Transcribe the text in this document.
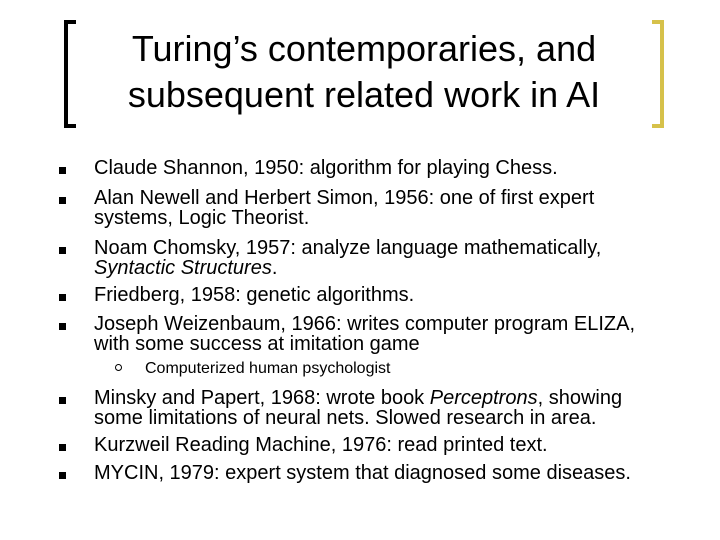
Turing’s contemporaries, and
subsequent related work in AI
Claude Shannon, 1950: algorithm for playing Chess.
Alan Newell and Herbert Simon, 1956: one of first expert
systems, Logic Theorist.
Noam Chomsky, 1957: analyze language mathematically,
Syntactic Structures.
Friedberg, 1958: genetic algorithms.
Joseph Weizenbaum, 1966: writes computer program ELIZA,
with some success at imitation game
Computerized human psychologist
Minsky and Papert, 1968: wrote book Perceptrons, showing
some limitations of neural nets. Slowed research in area.
Kurzweil Reading Machine, 1976: read printed text.
MYCIN, 1979: expert system that diagnosed some diseases.
